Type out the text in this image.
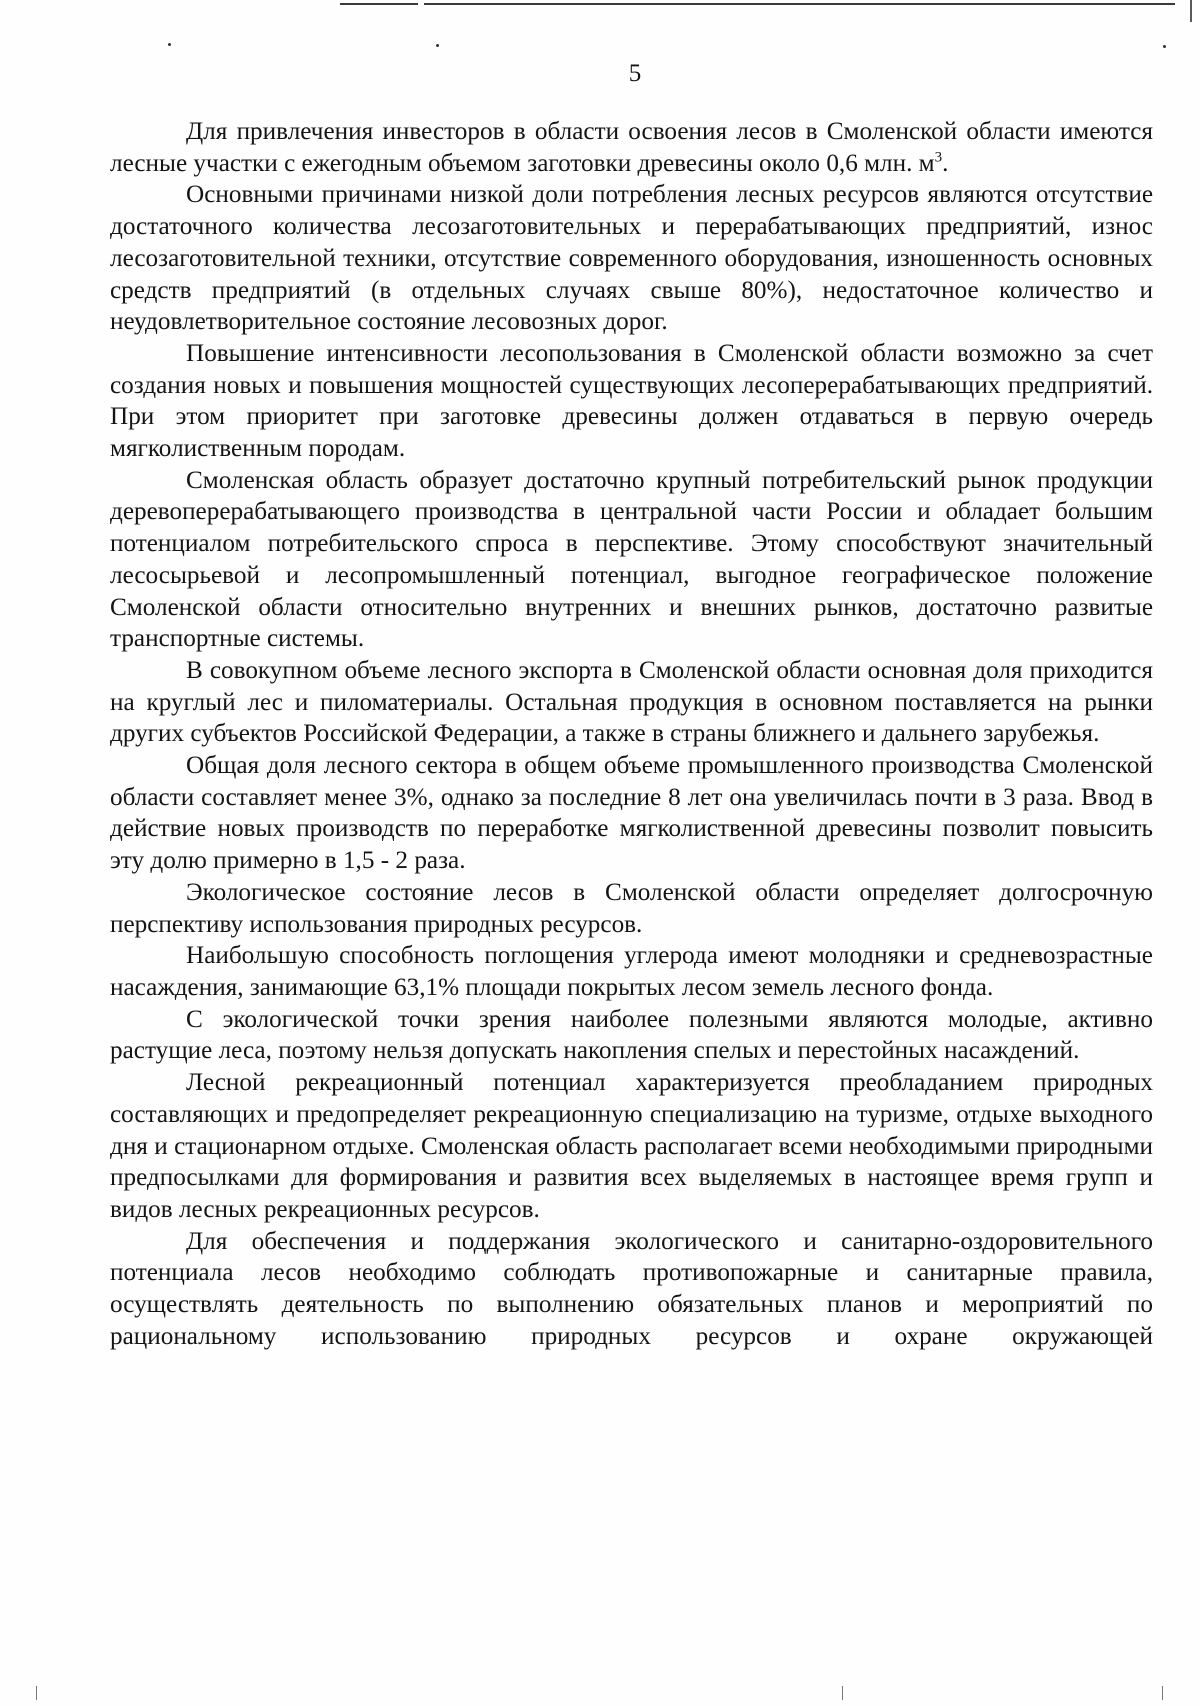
5

Для привлечения инвесторов в области освоения лесов в Смоленской области имеются лесные участки с ежегодным объемом заготовки древесины около 0,6 млн. $м^3$.

Основными причинами низкой доли потребления лесных ресурсов являются отсутствие достаточного количества лесозаготовительных и перерабатывающих предприятий, износ лесозаготовительной техники, отсутствие современного оборудования, изношенность основных средств предприятий (в отдельных случаях свыше 80%), недостаточное количество и неудовлетворительное состояние лесовозных дорог.

Повышение интенсивности лесопользования в Смоленской области возможно за счет создания новых и повышения мощностей существующих лесоперерабатывающих предприятий. При этом приоритет при заготовке древесины должен отдаваться в первую очередь мягколиственным породам.

Смоленская область образует достаточно крупный потребительский рынок продукции деревоперерабатывающего производства в центральной части России и обладает большим потенциалом потребительского спроса в перспективе. Этому способствуют значительный лесосырьевой и лесопромышленный потенциал, выгодное географическое положение Смоленской области относительно внутренних и внешних рынков, достаточно развитые транспортные системы.

В совокупном объеме лесного экспорта в Смоленской области основная доля приходится на круглый лес и пиломатериалы. Остальная продукция в основном поставляется на рынки других субъектов Российской Федерации, а также в страны ближнего и дальнего зарубежья.

Общая доля лесного сектора в общем объеме промышленного производства Смоленской области составляет менее 3%, однако за последние 8 лет она увеличилась почти в 3 раза. Ввод в действие новых производств по переработке мягколиственной древесины позволит повысить эту долю примерно в 1,5 - 2 раза.

Экологическое состояние лесов в Смоленской области определяет долгосрочную перспективу использования природных ресурсов.

Наибольшую способность поглощения углерода имеют молодняки и средневозрастные насаждения, занимающие 63,1% площади покрытых лесом земель лесного фонда.

С экологической точки зрения наиболее полезными являются молодые, активно растущие леса, поэтому нельзя допускать накопления спелых и перестойных насаждений.

Лесной рекреационный потенциал характеризуется преобладанием природных составляющих и предопределяет рекреационную специализацию на туризме, отдыхе выходного дня и стационарном отдыхе. Смоленская область располагает всеми необходимыми природными предпосылками для формирования и развития всех выделяемых в настоящее время групп и видов лесных рекреационных ресурсов.

Для обеспечения и поддержания экологического и санитарно-оздоровительного потенциала лесов необходимо соблюдать противопожарные и санитарные правила, осуществлять деятельность по выполнению обязательных планов и мероприятий по рациональному использованию природных ресурсов и охране окружающей
